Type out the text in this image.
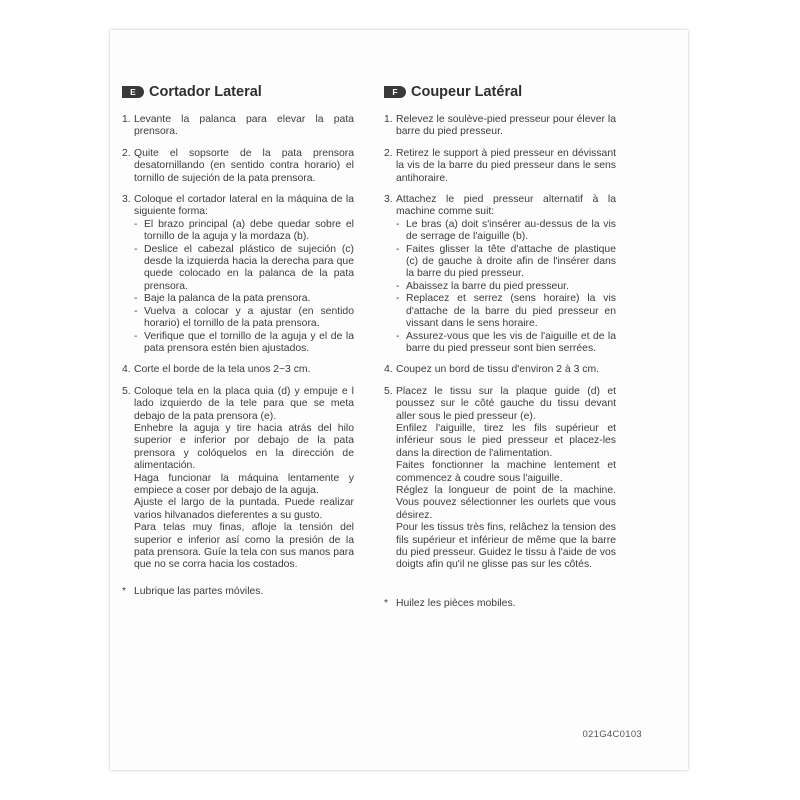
E Cortador Lateral
1. Levante la palanca para elevar la pata prensora.
2. Quite el sopsorte de la pata prensora desatornillando (en sentido contra horario) el tornillo de sujeción de la pata prensora.
3. Coloque el cortador lateral en la máquina de la siguiente forma:
- El brazo principal (a) debe quedar sobre el tornillo de la aguja y la mordaza (b).
- Deslice el cabezal plástico de sujeción (c) desde la izquierda hacia la derecha para que quede colocado en la palanca de la pata prensora.
- Baje la palanca de la pata prensora.
- Vuelva a colocar y a ajustar (en sentido horario) el tornillo de la pata prensora.
- Verifique que el tornillo de la aguja y el de la pata prensora estén bien ajustados.
4. Corte el borde de la tela unos 2~3 cm.
5. Coloque tela en la placa quia (d) y empuje e l lado izquierdo de la tele para que se meta debajo de la pata prensora (e).
Enhebre la aguja y tire hacia atrás del hilo superior e inferior por debajo de la pata prensora y colóquelos en la dirección de alimentación.
Haga funcionar la máquina lentamente y empiece a coser por debajo de la aguja.
Ajuste el largo de la puntada. Puede realizar varios hilvanados dieferentes a su gusto.
Para telas muy finas, afloje la tensión del superior e inferior así como la presión de la pata prensora. Guíe la tela con sus manos para que no se corra hacia los costados.
* Lubrique las partes móviles.
F Coupeur Latéral
1. Relevez le soulève-pied presseur pour élever la barre du pied presseur.
2. Retirez le support à pied presseur en dévissant la vis de la barre du pied presseur dans le sens antihoraire.
3. Attachez le pied presseur alternatif à la machine comme suit:
- Le bras (a) doit s'insérer au-dessus de la vis de serrage de l'aiguille (b).
- Faites glisser la tête d'attache de plastique (c) de gauche à droite afin de l'insérer dans la barre du pied presseur.
- Abaissez la barre du pied presseur.
- Replacez et serrez (sens horaire) la vis d'attache de la barre du pied presseur en vissant dans le sens horaire.
- Assurez-vous que les vis de l'aiguille et de la barre du pied presseur sont bien serrées.
4. Coupez un bord de tissu d'environ 2 à 3 cm.
5. Placez le tissu sur la plaque guide (d) et poussez sur le côté gauche du tissu devant aller sous le pied presseur (e).
Enfilez l'aiguille, tirez les fils supérieur et inférieur sous le pied presseur et placez-les dans la direction de l'alimentation.
Faites fonctionner la machine lentement et commencez à coudre sous l'aiguille.
Réglez la longueur de point de la machine. Vous pouvez sélectionner les ourlets que vous désirez.
Pour les tissus très fins, relâchez la tension des fils supérieur et inférieur de même que la barre du pied presseur. Guidez le tissu à l'aide de vos doigts afin qu'il ne glisse pas sur les côtés.
* Huilez les pièces mobiles.
021G4C0103
